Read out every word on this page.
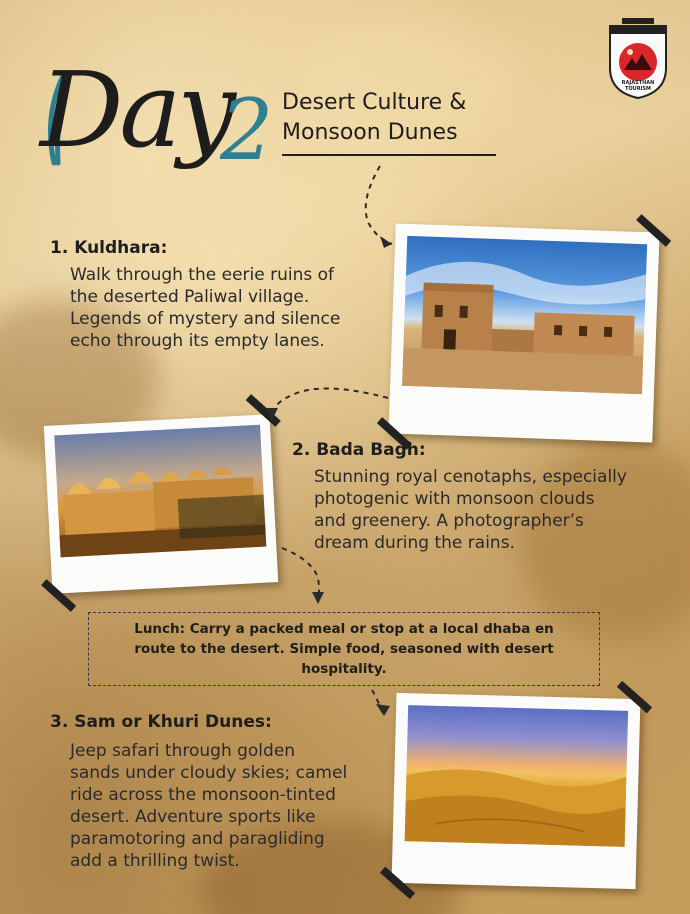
RAJASTHAN TOURISM
पधारो म्हारे देस
Day
2 Desert Culture &
Monsoon Dunes
1. Kuldhara:
Walk through the eerie ruins of
the deserted Paliwal village.
Legends of mystery and silence
echo through its empty lanes.
2. Bada Bagh:
Stunning royal cenotaphs, especially
photogenic with monsoon clouds
and greenery. A photographer’s
dream during the rains.
Lunch: Carry a packed meal or stop at a local dhaba en
route to the desert. Simple food, seasoned with desert
hospitality.
3. Sam or Khuri Dunes:
Jeep safari through golden
sands under cloudy skies; camel
ride across the monsoon-tinted
desert. Adventure sports like
paramotoring and paragliding
add a thrilling twist.
